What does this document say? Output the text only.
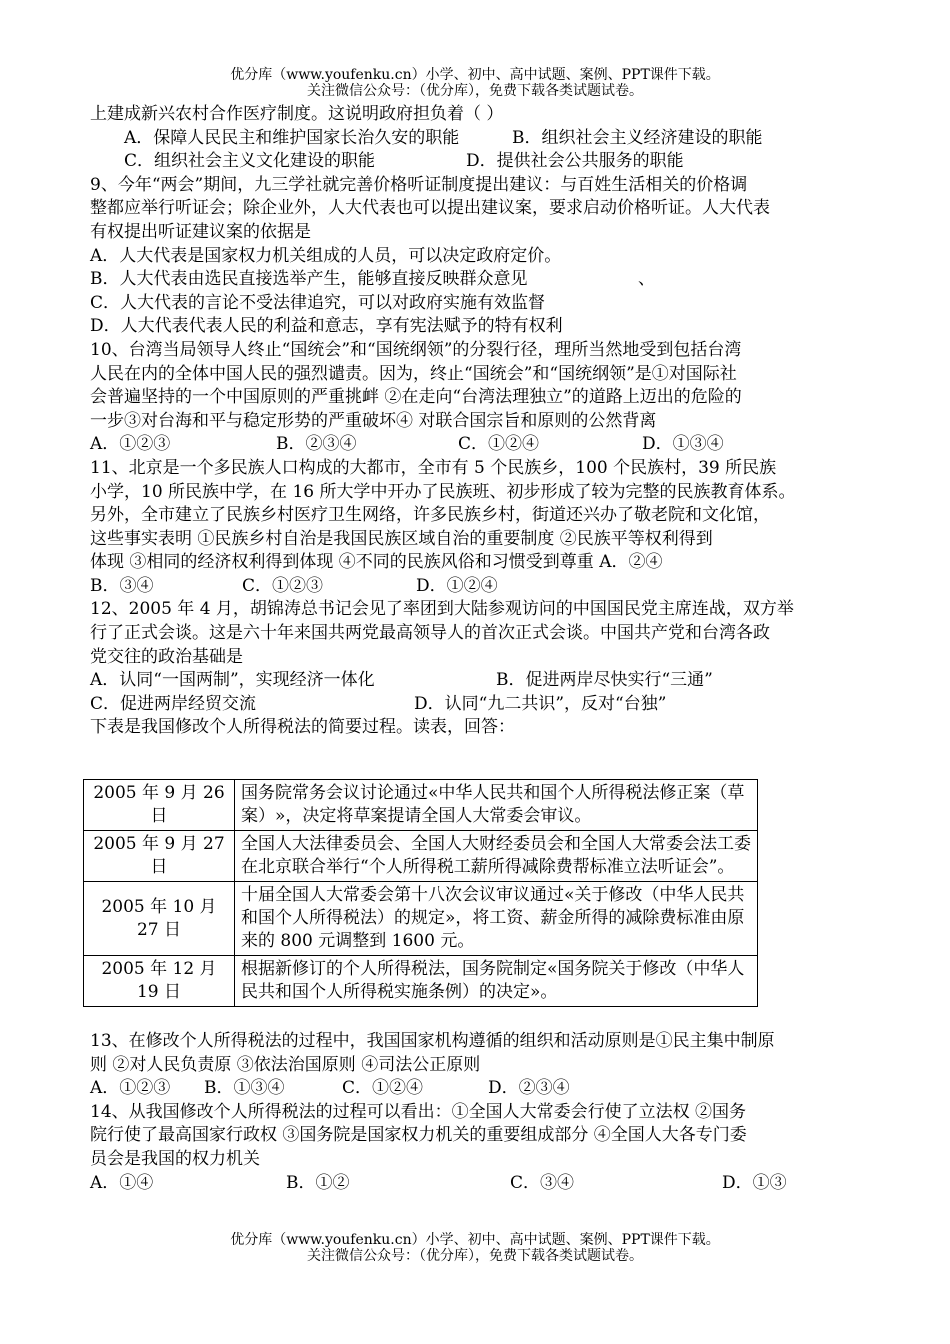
优分库（www.youfenku.cn）小学、初中、高中试题、案例、PPT课件下载。
关注微信公众号：（优分库），免费下载各类试题试卷。
上建成新兴农村合作医疗制度。这说明政府担负着（ ）
A．保障人民民主和维护国家长治久安的职能	B．组织社会主义经济建设的职能
C．组织社会主义文化建设的职能	D．提供社会公共服务的职能
9、今年“两会”期间，九三学社就完善价格听证制度提出建议：与百姓生活相关的价格调
整都应举行听证会；除企业外，人大代表也可以提出建议案，要求启动价格听证。人大代表
有权提出听证建议案的依据是
A．人大代表是国家权力机关组成的人员，可以决定政府定价。
B．人大代表由选民直接选举产生，能够直接反映群众意见	、
C．人大代表的言论不受法律追究，可以对政府实施有效监督
D．人大代表代表人民的利益和意志，享有宪法赋予的特有权利
10、台湾当局领导人终止“国统会”和“国统纲领”的分裂行径，理所当然地受到包括台湾
人民在内的全体中国人民的强烈谴责。因为，终止“国统会”和“国统纲领”是①对国际社
会普遍坚持的一个中国原则的严重挑衅 ②在走向“台湾法理独立”的道路上迈出的危险的
一步③对台海和平与稳定形势的严重破坏④ 对联合国宗旨和原则的公然背离
A．①②③	B．②③④	C．①②④	D．①③④
11、北京是一个多民族人口构成的大都市，全市有 5 个民族乡，100 个民族村，39 所民族
小学，10 所民族中学，在 16 所大学中开办了民族班、初步形成了较为完整的民族教育体系。
另外，全市建立了民族乡村医疗卫生网络，许多民族乡村，街道还兴办了敬老院和文化馆，
这些事实表明 ①民族乡村自治是我国民族区域自治的重要制度 ②民族平等权利得到
体现 ③相同的经济权利得到体现 ④不同的民族风俗和习惯受到尊重 A．②④
B．③④	C．①②③	D．①②④
12、2005 年 4 月，胡锦涛总书记会见了率团到大陆参观访问的中国国民党主席连战，双方举
行了正式会谈。这是六十年来国共两党最高领导人的首次正式会谈。中国共产党和台湾各政
党交往的政治基础是
A．认同“一国两制”，实现经济一体化	B．促进两岸尽快实行“三通”
C．促进两岸经贸交流	D．认同“九二共识”，反对“台独”
下表是我国修改个人所得税法的简要过程。读表，回答：
2005 年 9 月 26 日	国务院常务会议讨论通过«中华人民共和国个人所得税法修正案（草案）»，决定将草案提请全国人大常委会审议。
2005 年 9 月 27 日	全国人大法律委员会、全国人大财经委员会和全国人大常委会法工委在北京联合举行“个人所得税工薪所得减除费帮标准立法听证会”。
2005 年 10 月 27 日	十届全国人大常委会第十八次会议审议通过«关于修改（中华人民共和国个人所得税法）的规定»，将工资、薪金所得的减除费标准由原来的 800 元调整到 1600 元。
2005 年 12 月 19 日	根据新修订的个人所得税法，国务院制定«国务院关于修改（中华人民共和国个人所得税实施条例）的决定»。
13、在修改个人所得税法的过程中，我国国家机构遵循的组织和活动原则是①民主集中制原
则 ②对人民负责原 ③依法治国原则 ④司法公正原则
A．①②③ B．①③④	C．①②④	D．②③④
14、从我国修改个人所得税法的过程可以看出：①全国人大常委会行使了立法权 ②国务
院行使了最高国家行政权 ③国务院是国家权力机关的重要组成部分 ④全国人大各专门委
员会是我国的权力机关
A．①④	B．①②	C．③④	D．①③
优分库（www.youfenku.cn）小学、初中、高中试题、案例、PPT课件下载。
关注微信公众号：（优分库），免费下载各类试题试卷。
